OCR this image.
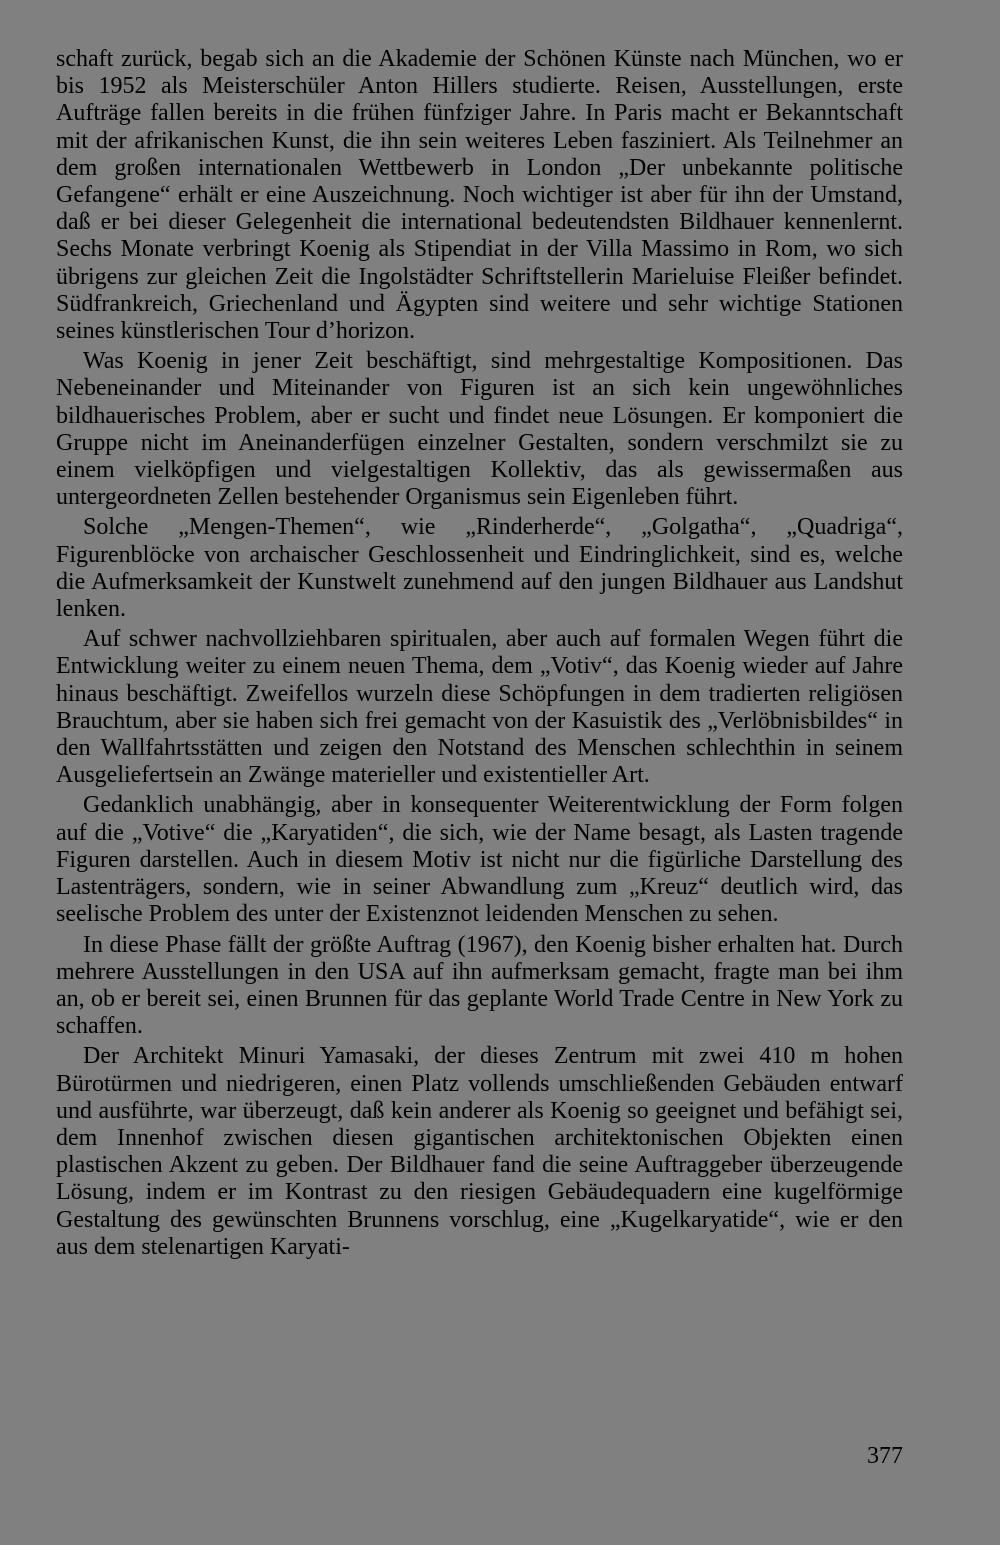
schaft zurück, begab sich an die Akademie der Schönen Künste nach München, wo er bis 1952 als Meisterschüler Anton Hillers studierte. Reisen, Ausstellungen, erste Aufträge fallen bereits in die frühen fünfziger Jahre. In Paris macht er Bekanntschaft mit der afrikanischen Kunst, die ihn sein weiteres Leben fasziniert. Als Teilnehmer an dem großen internationalen Wettbewerb in London „Der unbekannte politische Gefangene“ erhält er eine Auszeichnung. Noch wichtiger ist aber für ihn der Umstand, daß er bei dieser Gelegenheit die international bedeutendsten Bildhauer kennenlernt. Sechs Monate verbringt Koenig als Stipendiat in der Villa Massimo in Rom, wo sich übrigens zur gleichen Zeit die Ingolstädter Schriftstellerin Marieluise Fleißer befindet. Südfrankreich, Griechenland und Ägypten sind weitere und sehr wichtige Stationen seines künstlerischen Tour d’horizon.

Was Koenig in jener Zeit beschäftigt, sind mehrgestaltige Kompositionen. Das Nebeneinander und Miteinander von Figuren ist an sich kein ungewöhnliches bildhauerisches Problem, aber er sucht und findet neue Lösungen. Er komponiert die Gruppe nicht im Aneinanderfügen einzelner Gestalten, sondern verschmilzt sie zu einem vielköpfigen und vielgestaltigen Kollektiv, das als gewissermaßen aus untergeordneten Zellen bestehender Organismus sein Eigenleben führt.

Solche „Mengen-Themen“, wie „Rinderherde“, „Golgatha“, „Quadriga“, Figurenblöcke von archaischer Geschlossenheit und Eindringlichkeit, sind es, welche die Aufmerksamkeit der Kunstwelt zunehmend auf den jungen Bildhauer aus Landshut lenken.

Auf schwer nachvollziehbaren spiritualen, aber auch auf formalen Wegen führt die Entwicklung weiter zu einem neuen Thema, dem „Votiv“, das Koenig wieder auf Jahre hinaus beschäftigt. Zweifellos wurzeln diese Schöpfungen in dem tradierten religiösen Brauchtum, aber sie haben sich frei gemacht von der Kasuistik des „Verlöbnisbildes“ in den Wallfahrtsstätten und zeigen den Notstand des Menschen schlechthin in seinem Ausgeliefertsein an Zwänge materieller und existentieller Art.

Gedanklich unabhängig, aber in konsequenter Weiterentwicklung der Form folgen auf die „Votive“ die „Karyatiden“, die sich, wie der Name besagt, als Lasten tragende Figuren darstellen. Auch in diesem Motiv ist nicht nur die figürliche Darstellung des Lastenträgers, sondern, wie in seiner Abwandlung zum „Kreuz“ deutlich wird, das seelische Problem des unter der Existenznot leidenden Menschen zu sehen.

In diese Phase fällt der größte Auftrag (1967), den Koenig bisher erhalten hat. Durch mehrere Ausstellungen in den USA auf ihn aufmerksam gemacht, fragte man bei ihm an, ob er bereit sei, einen Brunnen für das geplante World Trade Centre in New York zu schaffen.

Der Architekt Minuri Yamasaki, der dieses Zentrum mit zwei 410 m hohen Bürotürmen und niedrigeren, einen Platz vollends umschließenden Gebäuden entwarf und ausführte, war überzeugt, daß kein anderer als Koenig so geeignet und befähigt sei, dem Innenhof zwischen diesen gigantischen architektonischen Objekten einen plastischen Akzent zu geben. Der Bildhauer fand die seine Auftraggeber überzeugende Lösung, indem er im Kontrast zu den riesigen Gebäudequadern eine kugelförmige Gestaltung des gewünschten Brunnens vorschlug, eine „Kugelkaryatide“, wie er den aus dem stelenartigen Karyati-

377
